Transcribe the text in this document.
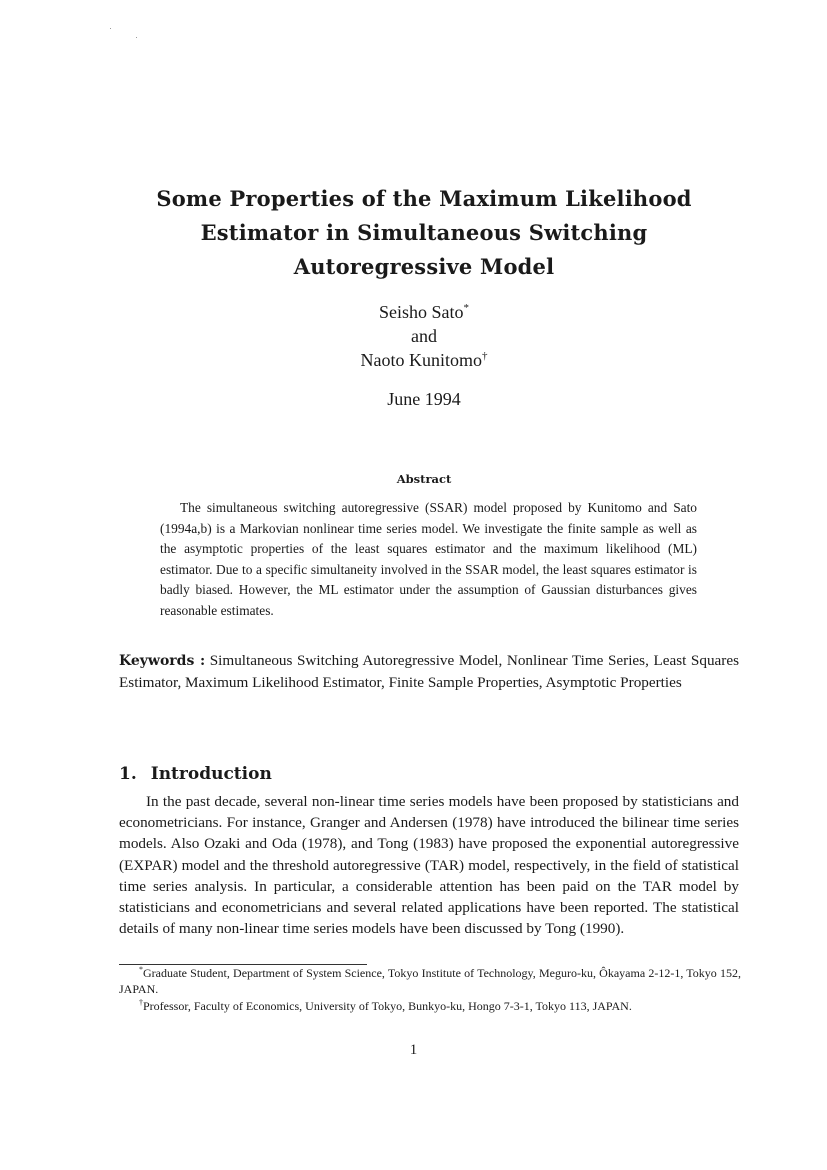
Some Properties of the Maximum Likelihood
Estimator in Simultaneous Switching
Autoregressive Model
Seisho Sato*
and
Naoto Kunitomo†
June 1994
Abstract

The simultaneous switching autoregressive (SSAR) model proposed by Kunitomo and Sato (1994a,b) is a Markovian nonlinear time series model. We investigate the finite sample as well as the asymptotic properties of the least squares estimator and the maximum likelihood (ML) estimator. Due to a specific simultaneity involved in the SSAR model, the least squares estimator is badly biased. However, the ML estimator under the assumption of Gaussian disturbances gives reasonable estimates.

Keywords : Simultaneous Switching Autoregressive Model, Nonlinear Time Series, Least Squares Estimator, Maximum Likelihood Estimator, Finite Sample Properties, Asymptotic Properties

1. Introduction

In the past decade, several non-linear time series models have been proposed by statisticians and econometricians. For instance, Granger and Andersen (1978) have introduced the bilinear time series models. Also Ozaki and Oda (1978), and Tong (1983) have proposed the exponential autoregressive (EXPAR) model and the threshold autoregressive (TAR) model, respectively, in the field of statistical time series analysis. In particular, a considerable attention has been paid on the TAR model by statisticians and econometricians and several related applications have been reported. The statistical details of many non-linear time series models have been discussed by Tong (1990).

*Graduate Student, Department of System Science, Tokyo Institute of Technology, Meguro-ku, Ôkayama 2-12-1, Tokyo 152, JAPAN.

†Professor, Faculty of Economics, University of Tokyo, Bunkyo-ku, Hongo 7-3-1, Tokyo 113, JAPAN.

1
